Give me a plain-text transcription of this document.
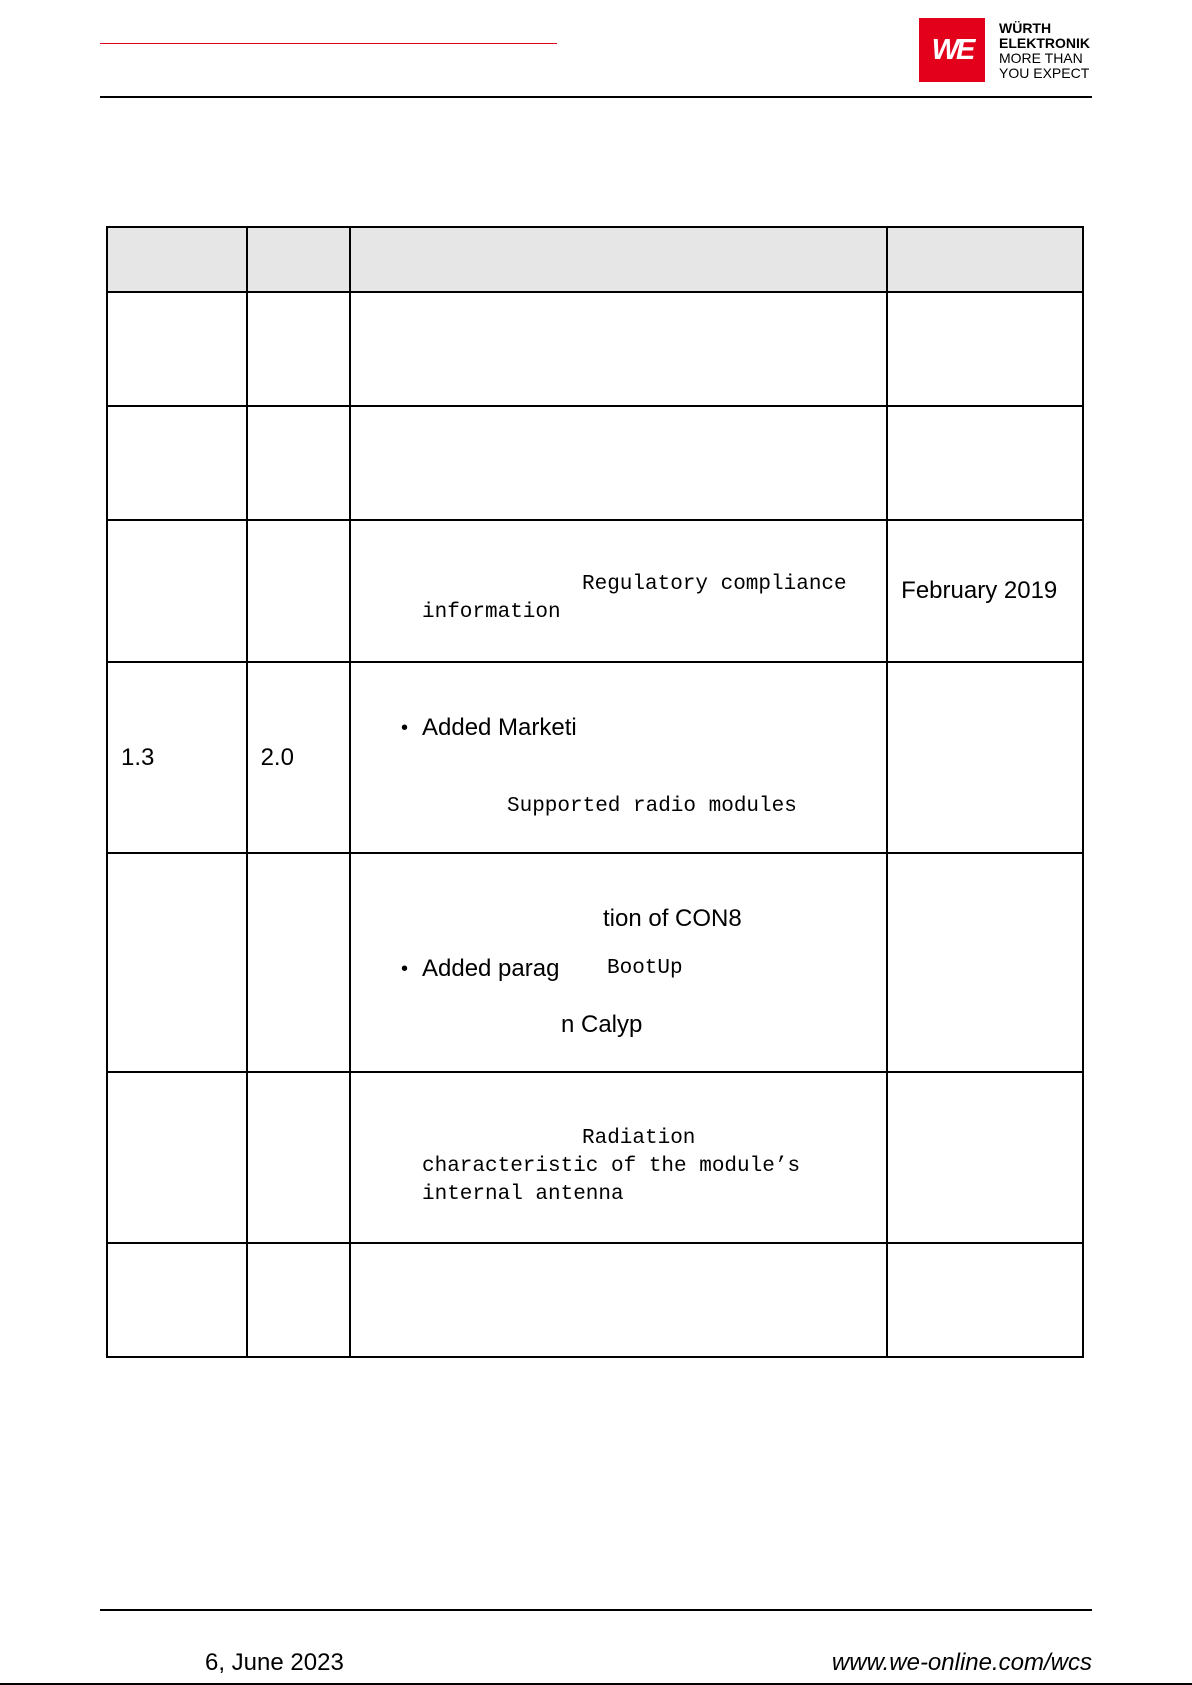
WE
WÜRTH
ELEKTRONIK
MORE THAN
YOU EXPECT

		Regulatory compliance
information	February 2019

1.3	2.0	• Added Marketi
Supported radio modules	

		tion of CON8
• Added parag BootUp
n Calyp	

		Radiation
characteristic of the module’s
internal antenna	

6, June 2023	www.we-online.com/wcs
